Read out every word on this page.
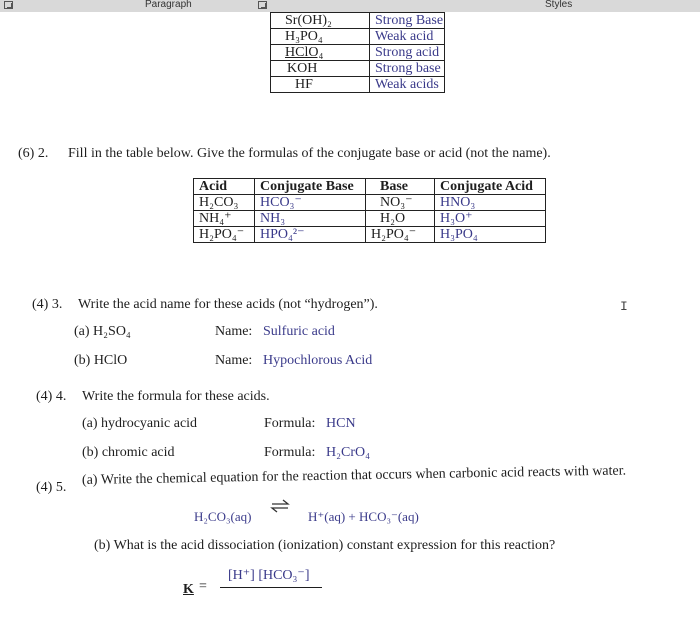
Paragraph	Styles
Sr(OH)₂	Strong Base
H₃PO₄	Weak acid
HClO₄	Strong acid
KOH	Strong base
HF	Weak acids
(6) 2. Fill in the table below. Give the formulas of the conjugate base or acid (not the name).
Acid	Conjugate Base	Base	Conjugate Acid
H₂CO₃	HCO₃⁻	NO₃⁻	HNO₃
NH₄⁺	NH₃	H₂O	H₃O⁺
H₂PO₄⁻	HPO₄²⁻	H₂PO₄⁻	H₃PO₄
(4) 3. Write the acid name for these acids (not “hydrogen”).
(a) H₂SO₄	Name: Sulfuric acid
(b) HClO	Name: Hypochlorous Acid
I
(4) 4. Write the formula for these acids.
(a) hydrocyanic acid	Formula: HCN
(b) chromic acid	Formula: H₂CrO₄
(4) 5. (a) Write the chemical equation for the reaction that occurs when carbonic acid reacts with water.
H₂CO₃(aq)	H⁺(aq) + HCO₃⁻(aq)
(b) What is the acid dissociation (ionization) constant expression for this reaction?
[H⁺] [HCO₃⁻]
K =
